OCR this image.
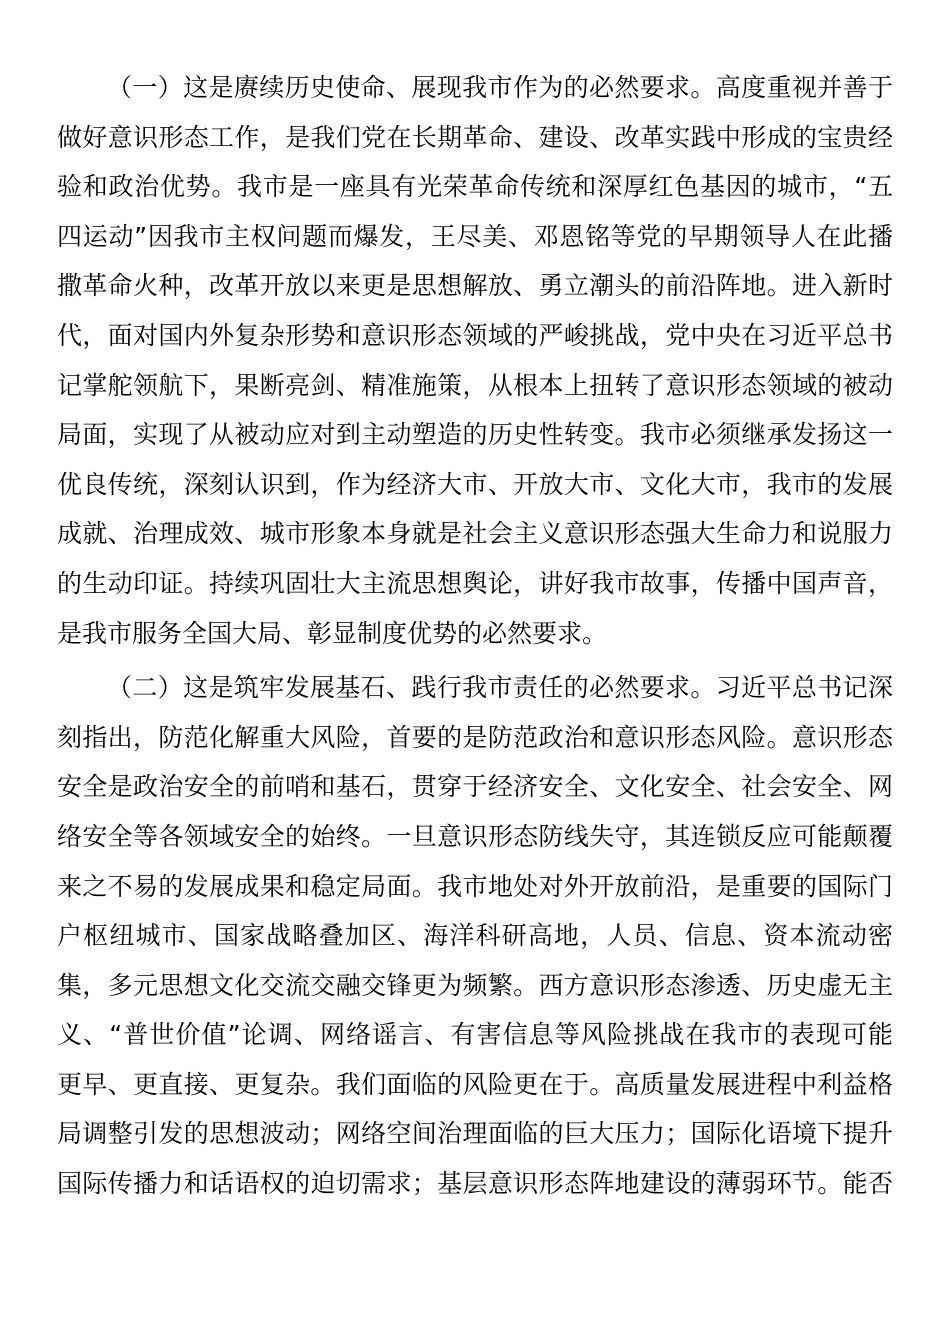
（一）这是赓续历史使命、展现我市作为的必然要求。高度重视并善于
做好意识形态工作，是我们党在长期革命、建设、改革实践中形成的宝贵经
验和政治优势。我市是一座具有光荣革命传统和深厚红色基因的城市，“五
四运动”因我市主权问题而爆发，王尽美、邓恩铭等党的早期领导人在此播
撒革命火种，改革开放以来更是思想解放、勇立潮头的前沿阵地。进入新时
代，面对国内外复杂形势和意识形态领域的严峻挑战，党中央在习近平总书
记掌舵领航下，果断亮剑、精准施策，从根本上扭转了意识形态领域的被动
局面，实现了从被动应对到主动塑造的历史性转变。我市必须继承发扬这一
优良传统，深刻认识到，作为经济大市、开放大市、文化大市，我市的发展
成就、治理成效、城市形象本身就是社会主义意识形态强大生命力和说服力
的生动印证。持续巩固壮大主流思想舆论，讲好我市故事，传播中国声音，
是我市服务全国大局、彰显制度优势的必然要求。
（二）这是筑牢发展基石、践行我市责任的必然要求。习近平总书记深
刻指出，防范化解重大风险，首要的是防范政治和意识形态风险。意识形态
安全是政治安全的前哨和基石，贯穿于经济安全、文化安全、社会安全、网
络安全等各领域安全的始终。一旦意识形态防线失守，其连锁反应可能颠覆
来之不易的发展成果和稳定局面。我市地处对外开放前沿，是重要的国际门
户枢纽城市、国家战略叠加区、海洋科研高地，人员、信息、资本流动密
集，多元思想文化交流交融交锋更为频繁。西方意识形态渗透、历史虚无主
义、“普世价值”论调、网络谣言、有害信息等风险挑战在我市的表现可能
更早、更直接、更复杂。我们面临的风险更在于。高质量发展进程中利益格
局调整引发的思想波动；网络空间治理面临的巨大压力；国际化语境下提升
国际传播力和话语权的迫切需求；基层意识形态阵地建设的薄弱环节。能否
